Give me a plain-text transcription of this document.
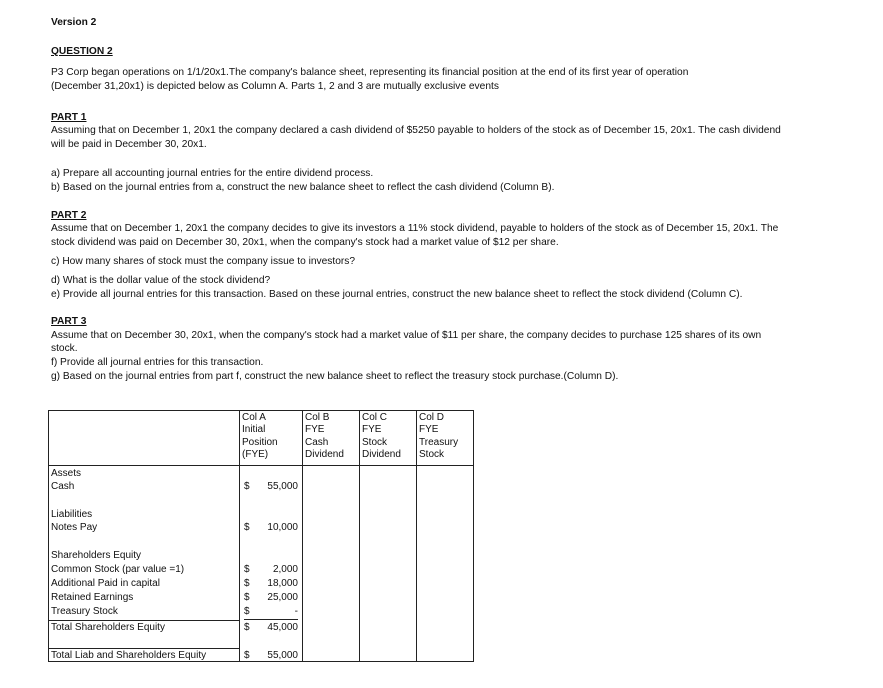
Version 2
QUESTION 2
P3 Corp began operations on 1/1/20x1.The company's balance sheet, representing its financial position at the end of its first year of operation
(December 31,20x1) is depicted below as Column A. Parts 1, 2 and 3 are mutually exclusive events
PART 1
Assuming that on December 1, 20x1 the company declared a cash dividend of $5250 payable to holders of the stock as of December 15, 20x1. The cash dividend
will be paid in December 30, 20x1.
a) Prepare all accounting journal entries for the entire dividend process.
b) Based on the journal entries from a, construct the new balance sheet to reflect the cash dividend (Column B).
PART 2
Assume that on December 1, 20x1 the company decides to give its investors a 11% stock dividend, payable to holders of the stock as of December 15, 20x1. The
stock dividend was paid on December 30, 20x1, when the company's stock had a market value of $12 per share.
c) How many shares of stock must the company issue to investors?
d) What is the dollar value of the stock dividend?
e) Provide all journal entries for this transaction. Based on these journal entries, construct the new balance sheet to reflect the stock dividend (Column C).
PART 3
Assume that on December 30, 20x1, when the company's stock had a market value of $11 per share, the company decides to purchase 125 shares of its own
stock.
f) Provide all journal entries for this transaction.
g) Based on the journal entries from part f, construct the new balance sheet to reflect the treasury stock purchase.(Column D).
Col A
Initial
Position
(FYE)
Col B
FYE
Cash
Dividend
Col C
FYE
Stock
Dividend
Col D
FYE
Treasury
Stock
Assets
Cash
Liabilities
Notes Pay
Shareholders Equity
Common Stock (par value =1)
Additional Paid in capital
Retained Earnings
Treasury Stock
Total Shareholders Equity
Total Liab and Shareholders Equity
$ 55,000
$ 10,000
$ 2,000
$ 18,000
$ 25,000
$	-
$ 45,000
$ 55,000
